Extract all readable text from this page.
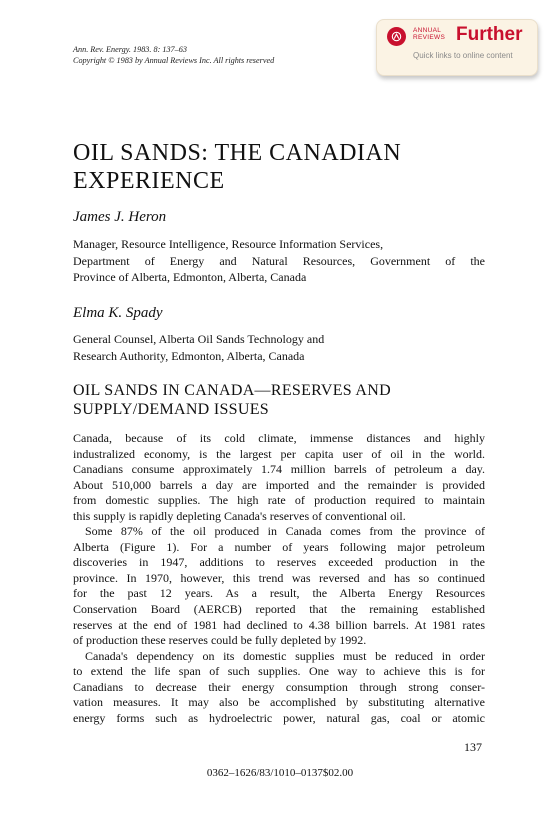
Ann. Rev. Energy. 1983. 8: 137–63
Copyright © 1983 by Annual Reviews Inc. All rights reserved
ANNUAL
REVIEWS Further
Quick links to online content
OIL SANDS: THE CANADIAN
EXPERIENCE
James J. Heron
Manager, Resource Intelligence, Resource Information Services,
Department of Energy and Natural Resources, Government of the
Province of Alberta, Edmonton, Alberta, Canada
Elma K. Spady
General Counsel, Alberta Oil Sands Technology and
Research Authority, Edmonton, Alberta, Canada
OIL SANDS IN CANADA—RESERVES AND
SUPPLY/DEMAND ISSUES
Canada, because of its cold climate, immense distances and highly
industralized economy, is the largest per capita user of oil in the world.
Canadians consume approximately 1.74 million barrels of petroleum a day.
About 510,000 barrels a day are imported and the remainder is provided
from domestic supplies. The high rate of production required to maintain
this supply is rapidly depleting Canada's reserves of conventional oil.
Some 87% of the oil produced in Canada comes from the province of
Alberta (Figure 1). For a number of years following major petroleum
discoveries in 1947, additions to reserves exceeded production in the
province. In 1970, however, this trend was reversed and has so continued
for the past 12 years. As a result, the Alberta Energy Resources
Conservation Board (AERCB) reported that the remaining established
reserves at the end of 1981 had declined to 4.38 billion barrels. At 1981 rates
of production these reserves could be fully depleted by 1992.
Canada's dependency on its domestic supplies must be reduced in order
to extend the life span of such supplies. One way to achieve this is for
Canadians to decrease their energy consumption through strong conser-
vation measures. It may also be accomplished by substituting alternative
energy forms such as hydroelectric power, natural gas, coal or atomic
137
0362–1626/83/1010–0137$02.00
